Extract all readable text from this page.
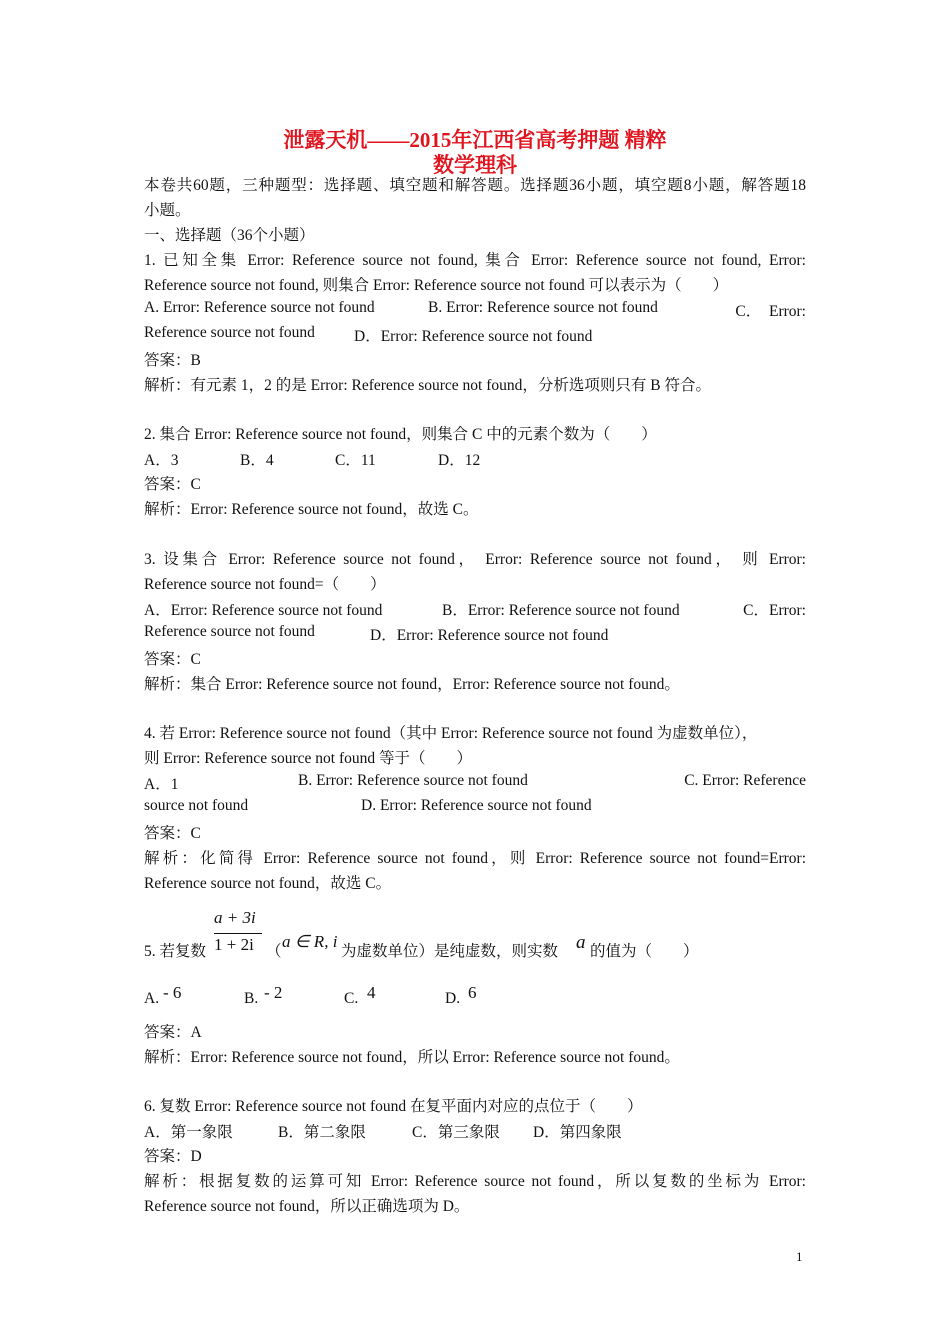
泄露天机——2015年江西省高考押题 精粹
数学理科
本卷共60题，三种题型：选择题、填空题和解答题。选择题36小题，填空题8小题，解答题18
小题。
一、选择题（36个小题）
1. 已知全集 Error: Reference source not found, 集合 Error: Reference source not found, Error:
Reference source not found, 则集合 Error: Reference source not found 可以表示为（　　）
A. Error: Reference source not found	B. Error: Reference source not found	C．　Error:
Reference source not found	D．Error: Reference source not found
答案：B
解析：有元素 1，2 的是 Error: Reference source not found，分析选项则只有 B 符合。
2. 集合 Error: Reference source not found，则集合 C 中的元素个数为（　　）
A．3	B．4	C．11	D．12
答案：C
解析：Error: Reference source not found，故选 C。
3. 设集合 Error: Reference source not found， Error: Reference source not found， 则 Error:
Reference source not found=（　　）
A．Error: Reference source not found	B．Error: Reference source not found	C．Error:
Reference source not found	D．Error: Reference source not found
答案：C
解析：集合 Error: Reference source not found，Error: Reference source not found。
4. 若 Error: Reference source not found（其中 Error: Reference source not found 为虚数单位），
则 Error: Reference source not found 等于（　　）
A．1	B. Error: Reference source not found	C. Error: Reference
source not found	D. Error: Reference source not found
答案：C
解析：化简得 Error: Reference source not found，则 Error: Reference source not found=Error:
Reference source not found，故选 C。
5. 若复数
a + 3i
1 + 2i （
a ∈ R, i
为虚数单位）是纯虚数，则实数 a 的值为（　　）
A. - 6	B. - 2	C. 4	D. 6
答案：A
解析：Error: Reference source not found，所以 Error: Reference source not found。
6. 复数 Error: Reference source not found 在复平面内对应的点位于（　　）
A．第一象限	B．第二象限	C．第三象限 D．第四象限
答案：D
解析：根据复数的运算可知 Error: Reference source not found，所以复数的坐标为 Error:
Reference source not found，所以正确选项为 D。
1
